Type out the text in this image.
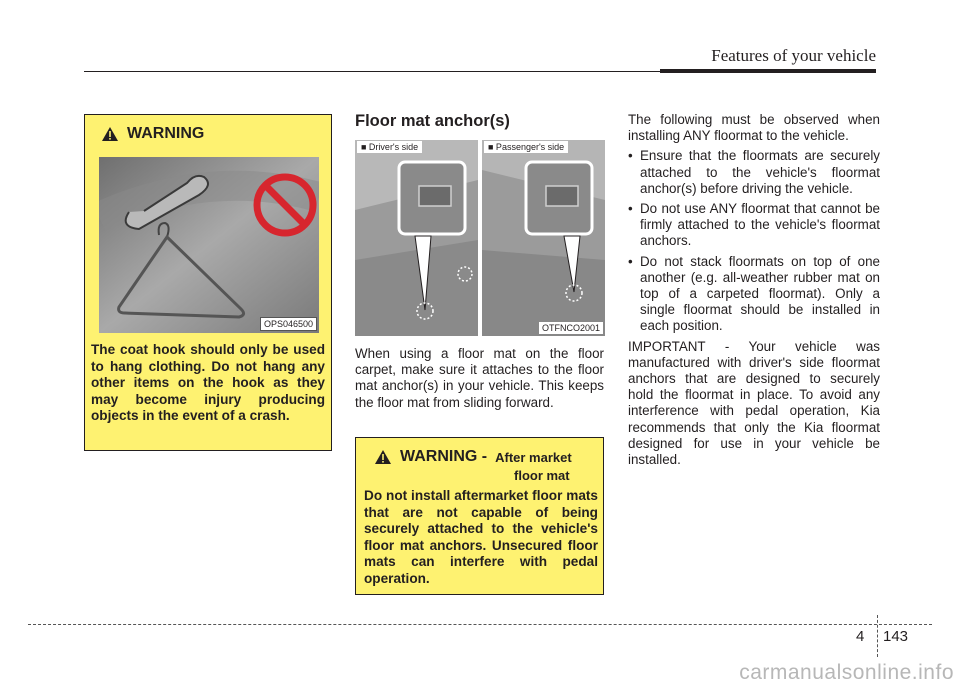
Features of your vehicle
WARNING
OPS046500
The coat hook should only be used to hang clothing. Do not hang any other items on the hook as they may become injury producing objects in the event of a crash.
Floor mat anchor(s)
■ Driver's side	■ Passenger's side
OTFNCO2001
When using a floor mat on the floor carpet, make sure it attaches to the floor mat anchor(s) in your vehicle. This keeps the floor mat from sliding forward.
WARNING - After market
floor mat
Do not install aftermarket floor mats that are not capable of being securely attached to the vehicle's floor mat anchors. Unsecured floor mats can interfere with pedal operation.

The following must be observed when installing ANY floormat to the vehicle.

• Ensure that the floormats are securely attached to the vehicle's floormat anchor(s) before driving the vehicle.
• Do not use ANY floormat that cannot be firmly attached to the vehicle's floormat anchors.
• Do not stack floormats on top of one another (e.g. all-weather rubber mat on top of a carpeted floormat). Only a single floormat should be installed in each position.

IMPORTANT - Your vehicle was manufactured with driver's side floormat anchors that are designed to securely hold the floormat in place. To avoid any interference with pedal operation, Kia recommends that only the Kia floormat designed for use in your vehicle be installed.

4 143
carmanualsonline.info
